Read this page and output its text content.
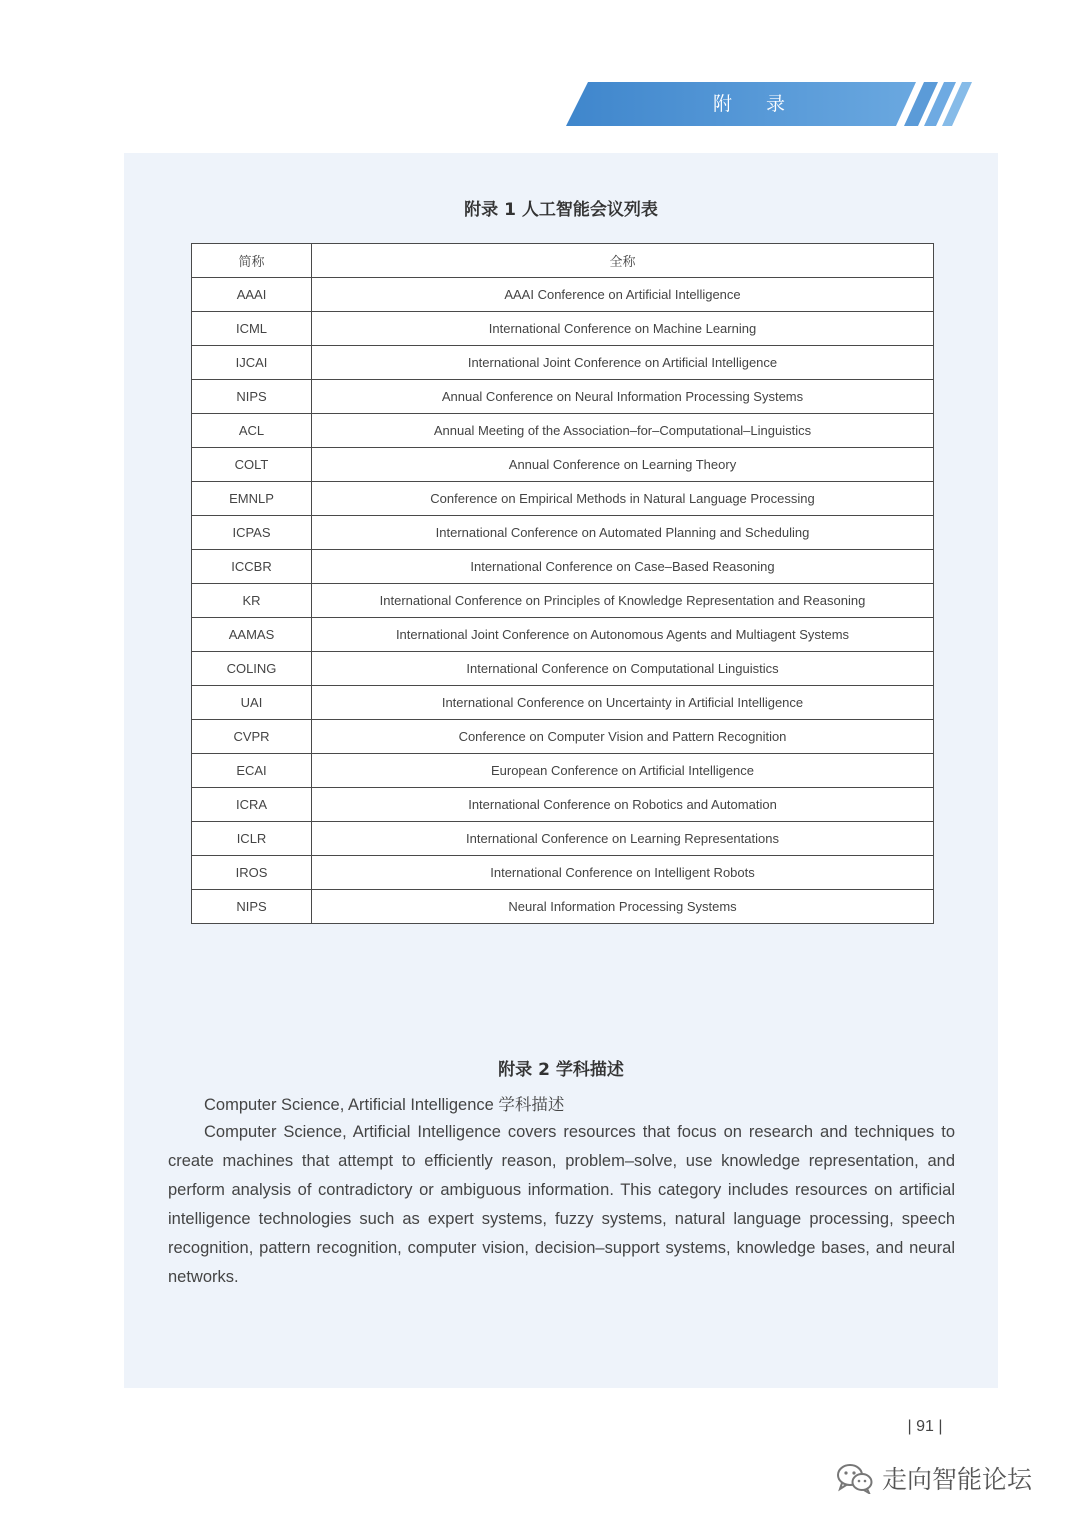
附 录
附录 1 人工智能会议列表
简称	全称
AAAI	AAAI Conference on Artificial Intelligence
ICML	International Conference on Machine Learning
IJCAI	International Joint Conference on Artificial Intelligence
NIPS	Annual Conference on Neural Information Processing Systems
ACL	Annual Meeting of the Association–for–Computational–Linguistics
COLT	Annual Conference on Learning Theory
EMNLP	Conference on Empirical Methods in Natural Language Processing
ICPAS	International Conference on Automated Planning and Scheduling
ICCBR	International Conference on Case–Based Reasoning
KR	International Conference on Principles of Knowledge Representation and Reasoning
AAMAS	International Joint Conference on Autonomous Agents and Multiagent Systems
COLING	International Conference on Computational Linguistics
UAI	International Conference on Uncertainty in Artificial Intelligence
CVPR	Conference on Computer Vision and Pattern Recognition
ECAI	European Conference on Artificial Intelligence
ICRA	International Conference on Robotics and Automation
ICLR	International Conference on Learning Representations
IROS	International Conference on Intelligent Robots
NIPS	Neural Information Processing Systems
附录 2 学科描述
Computer Science, Artificial Intelligence 学科描述
Computer Science, Artificial Intelligence covers resources that focus on research and techniques to create machines that attempt to efficiently reason, problem–solve, use knowledge representation, and perform analysis of contradictory or ambiguous information. This category includes resources on artificial intelligence technologies such as expert systems, fuzzy systems, natural language processing, speech recognition, pattern recognition, computer vision, decision–support systems, knowledge bases, and neural networks.
| 91 |
走向智能论坛
